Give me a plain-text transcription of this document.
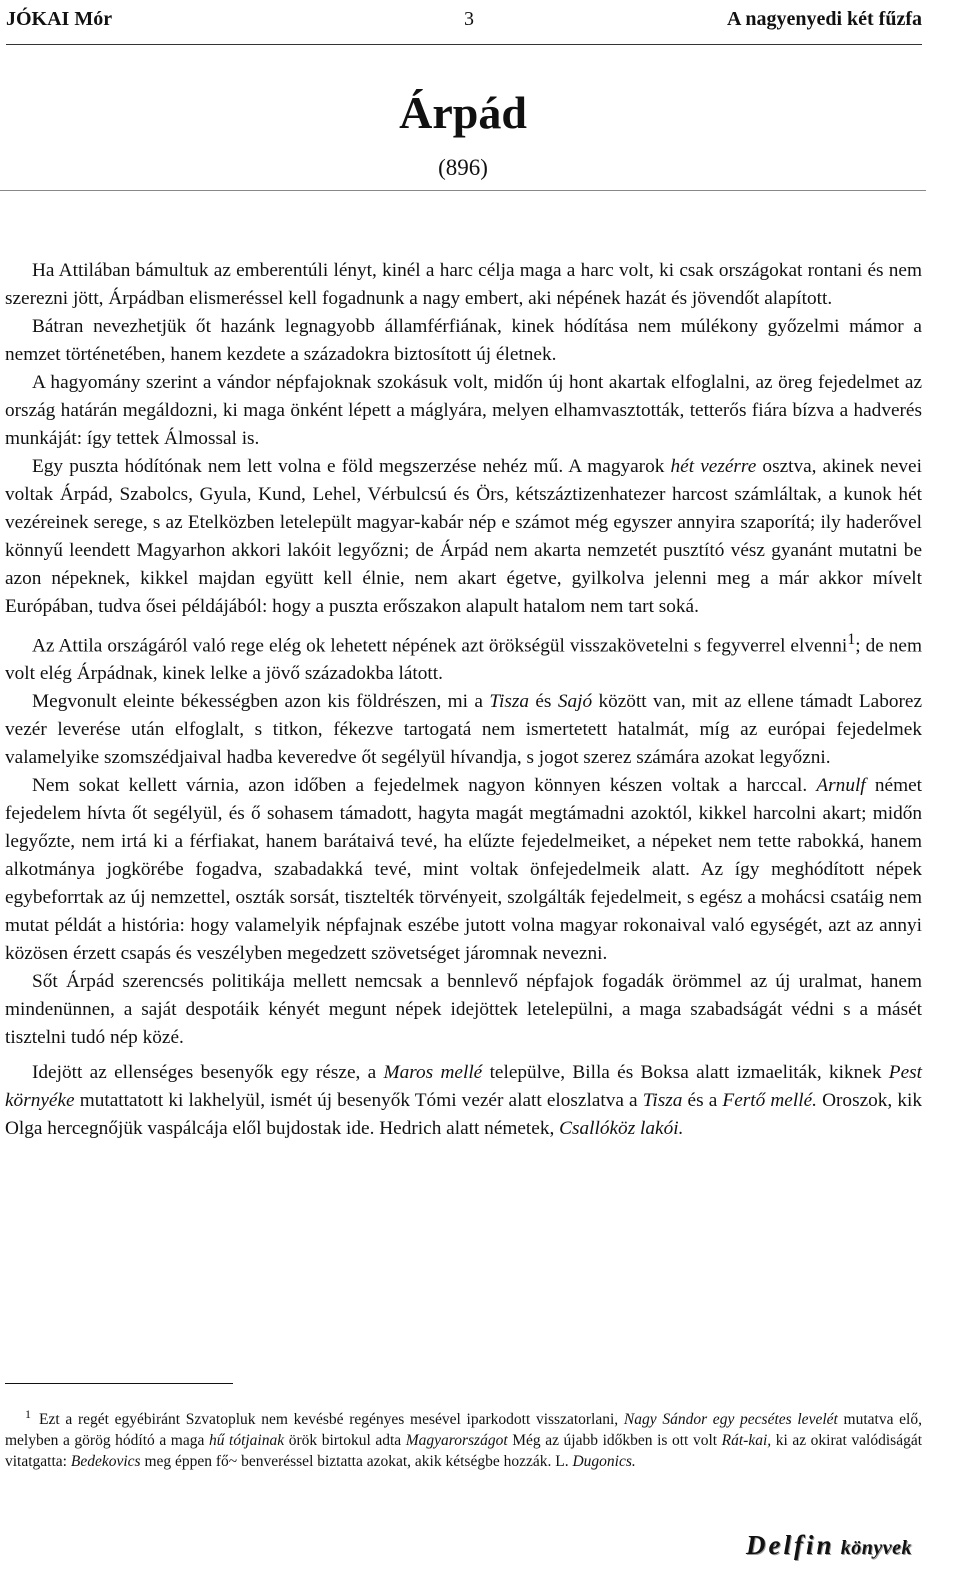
JÓKAI Mór	3	A nagyenyedi két fűzfa
Árpád
(896)

Ha Attilában bámultuk az emberentúli lényt, kinél a harc célja maga a harc volt, ki csak országokat rontani és nem szerezni jött, Árpádban elismeréssel kell fogadnunk a nagy embert, aki népének hazát és jövendőt alapított.

Bátran nevezhetjük őt hazánk legnagyobb államférfiának, kinek hódítása nem múlékony győzelmi mámor a nemzet történetében, hanem kezdete a századokra biztosított új életnek.

A hagyomány szerint a vándor népfajoknak szokásuk volt, midőn új hont akartak elfoglalni, az öreg fejedelmet az ország határán megáldozni, ki maga önként lépett a máglyára, melyen elhamvasztották, tetterős fiára bízva a hadverés munkáját: így tettek Álmossal is.

Egy puszta hódítónak nem lett volna e föld megszerzése nehéz mű. A magyarok hét vezérre osztva, akinek nevei voltak Árpád, Szabolcs, Gyula, Kund, Lehel, Vérbulcsú és Örs, kétszáztizenhatezer harcost számláltak, a kunok hét vezéreinek serege, s az Etelközben letelepült magyar-kabár nép e számot még egyszer annyira szaporítá; ily haderővel könnyű leendett Magyarhon akkori lakóit legyőzni; de Árpád nem akarta nemzetét pusztító vész gyanánt mutatni be azon népeknek, kikkel majdan együtt kell élnie, nem akart égetve, gyilkolva jelenni meg a már akkor mívelt Európában, tudva ősei példájából: hogy a puszta erőszakon alapult hatalom nem tart soká.

Az Attila országáról való rege elég ok lehetett népének azt örökségül visszakövetelni s fegyverrel elvenni$^1$; de nem volt elég Árpádnak, kinek lelke a jövő századokba látott.

Megvonult eleinte békességben azon kis földrészen, mi a Tisza és Sajó között van, mit az ellene támadt Laborez vezér leverése után elfoglalt, s titkon, fékezve tartogatá nem ismertetett hatalmát, míg az európai fejedelmek valamelyike szomszédjaival hadba keveredve őt segélyül hívandja, s jogot szerez számára azokat legyőzni.

Nem sokat kellett várnia, azon időben a fejedelmek nagyon könnyen készen voltak a harccal. Arnulf német fejedelem hívta őt segélyül, és ő sohasem támadott, hagyta magát megtámadni azoktól, kikkel harcolni akart; midőn legyőzte, nem irtá ki a férfiakat, hanem barátaivá tevé, ha elűzte fejedelmeiket, a népeket nem tette rabokká, hanem alkotmánya jogkörébe fogadva, szabadakká tevé, mint voltak önfejedelmeik alatt. Az így meghódított népek egybeforrtak az új nemzettel, oszták sorsát, tisztelték törvényeit, szolgálták fejedelmeit, s egész a mohácsi csatáig nem mutat példát a história: hogy valamelyik népfajnak eszébe jutott volna magyar rokonaival való egységét, azt az annyi közösen érzett csapás és veszélyben megedzett szövetséget járomnak nevezni.

Sőt Árpád szerencsés politikája mellett nemcsak a bennlevő népfajok fogadák örömmel az új uralmat, hanem mindenünnen, a saját despotáik kényét megunt népek idejöttek letelepülni, a maga szabadságát védni s a másét tisztelni tudó nép közé.

Idejött az ellenséges besenyők egy része, a Maros mellé települve, Billa és Boksa alatt izmaeliták, kiknek Pest környéke mutattatott ki lakhelyül, ismét új besenyők Tómi vezér alatt eloszlatva a Tisza és a Fertő mellé. Oroszok, kik Olga hercegnőjük vaspálcája elől bujdostak ide. Hedrich alatt németek, Csallóköz lakói.

$^1$ Ezt a regét egyébiránt Szvatopluk nem kevésbé regényes mesével iparkodott visszatorlani, Nagy Sándor egy pecsétes levelét mutatva elő, melyben a görög hódító a maga hű tótjainak örök birtokul adta Magyarországot Még az újabb időkben is ott volt Rát-kai, ki az okirat valódiságát vitatgatta: Bedekovics meg éppen fő~ benveréssel biztatta azokat, akik kétségbe hozzák. L. Dugonics.
Delfin könyvek
